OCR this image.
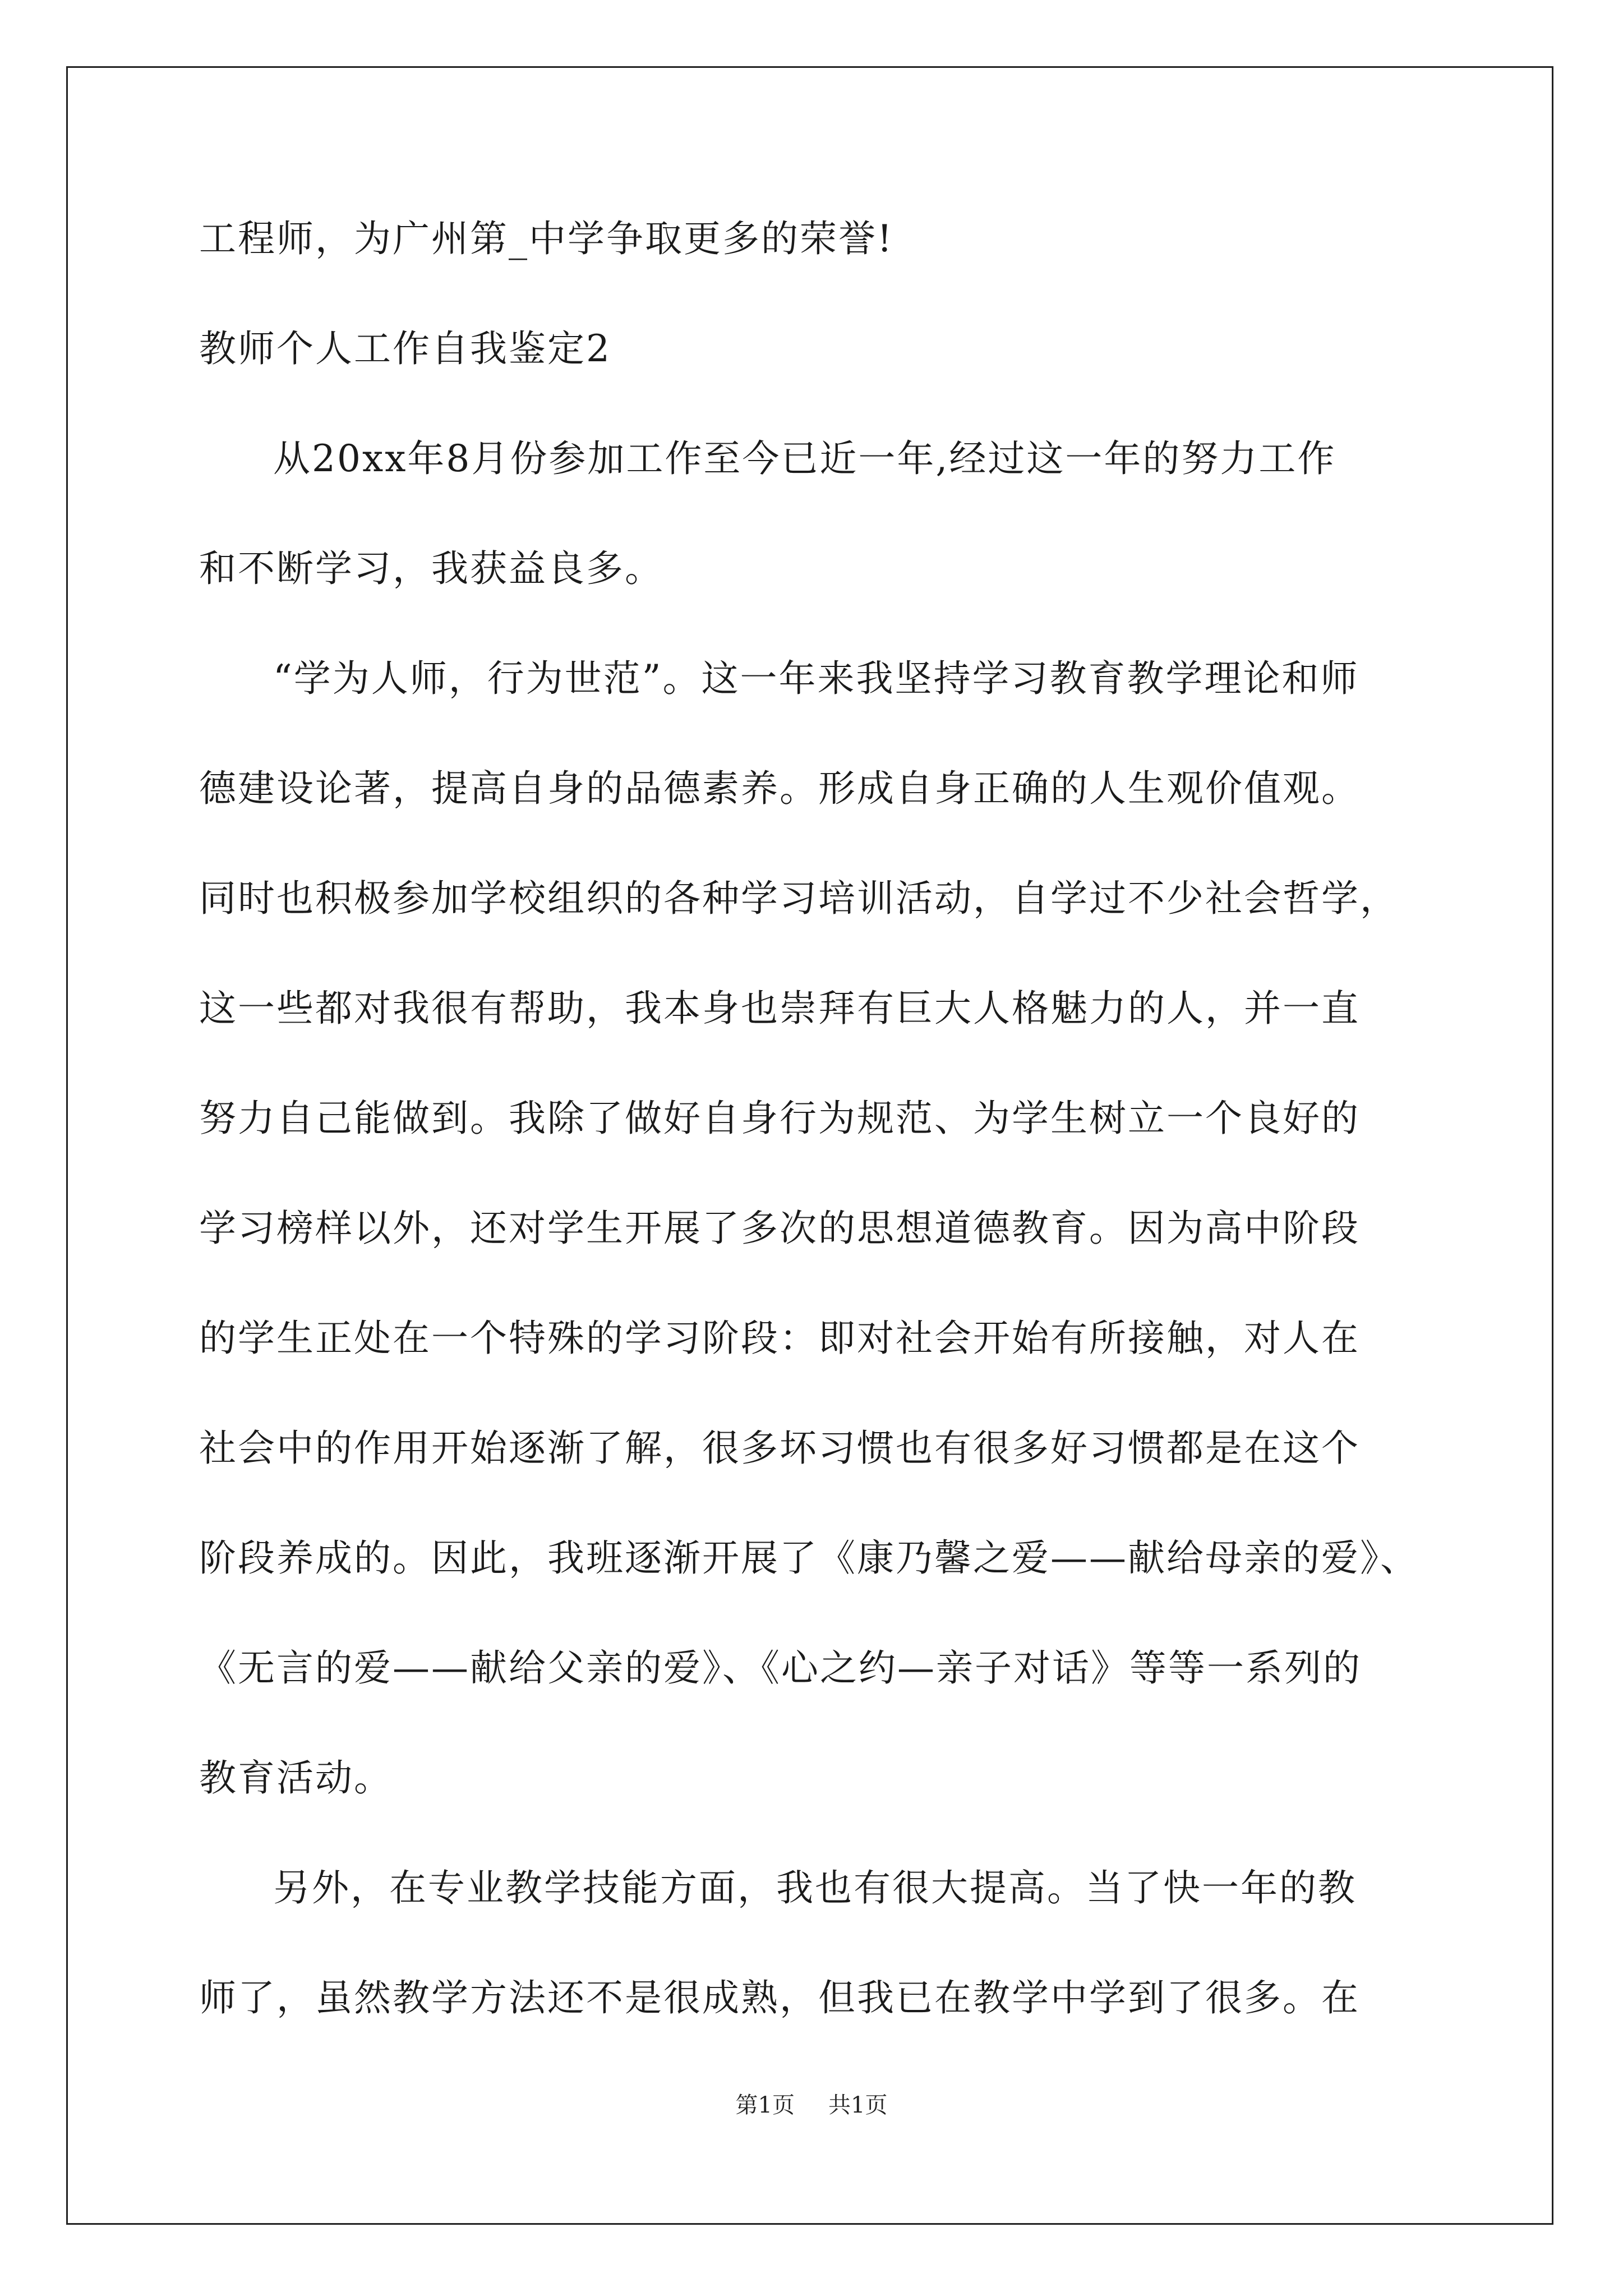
工程师，为广州第_中学争取更多的荣誉!
教师个人工作自我鉴定2
从20xx年8月份参加工作至今已近一年,经过这一年的努力工作
和不断学习，我获益良多。
“学为人师，行为世范”。这一年来我坚持学习教育教学理论和师
德建设论著，提高自身的品德素养。形成自身正确的人生观价值观。
同时也积极参加学校组织的各种学习培训活动，自学过不少社会哲学，
这一些都对我很有帮助，我本身也崇拜有巨大人格魅力的人，并一直
努力自己能做到。我除了做好自身行为规范、为学生树立一个良好的
学习榜样以外，还对学生开展了多次的思想道德教育。因为高中阶段
的学生正处在一个特殊的学习阶段：即对社会开始有所接触，对人在
社会中的作用开始逐渐了解，很多坏习惯也有很多好习惯都是在这个
阶段养成的。因此，我班逐渐开展了《康乃馨之爱——献给母亲的爱》、
《无言的爱——献给父亲的爱》、《心之约—亲子对话》等等一系列的
教育活动。
另外，在专业教学技能方面，我也有很大提高。当了快一年的教
师了，虽然教学方法还不是很成熟，但我已在教学中学到了很多。在
第1页 共1页
